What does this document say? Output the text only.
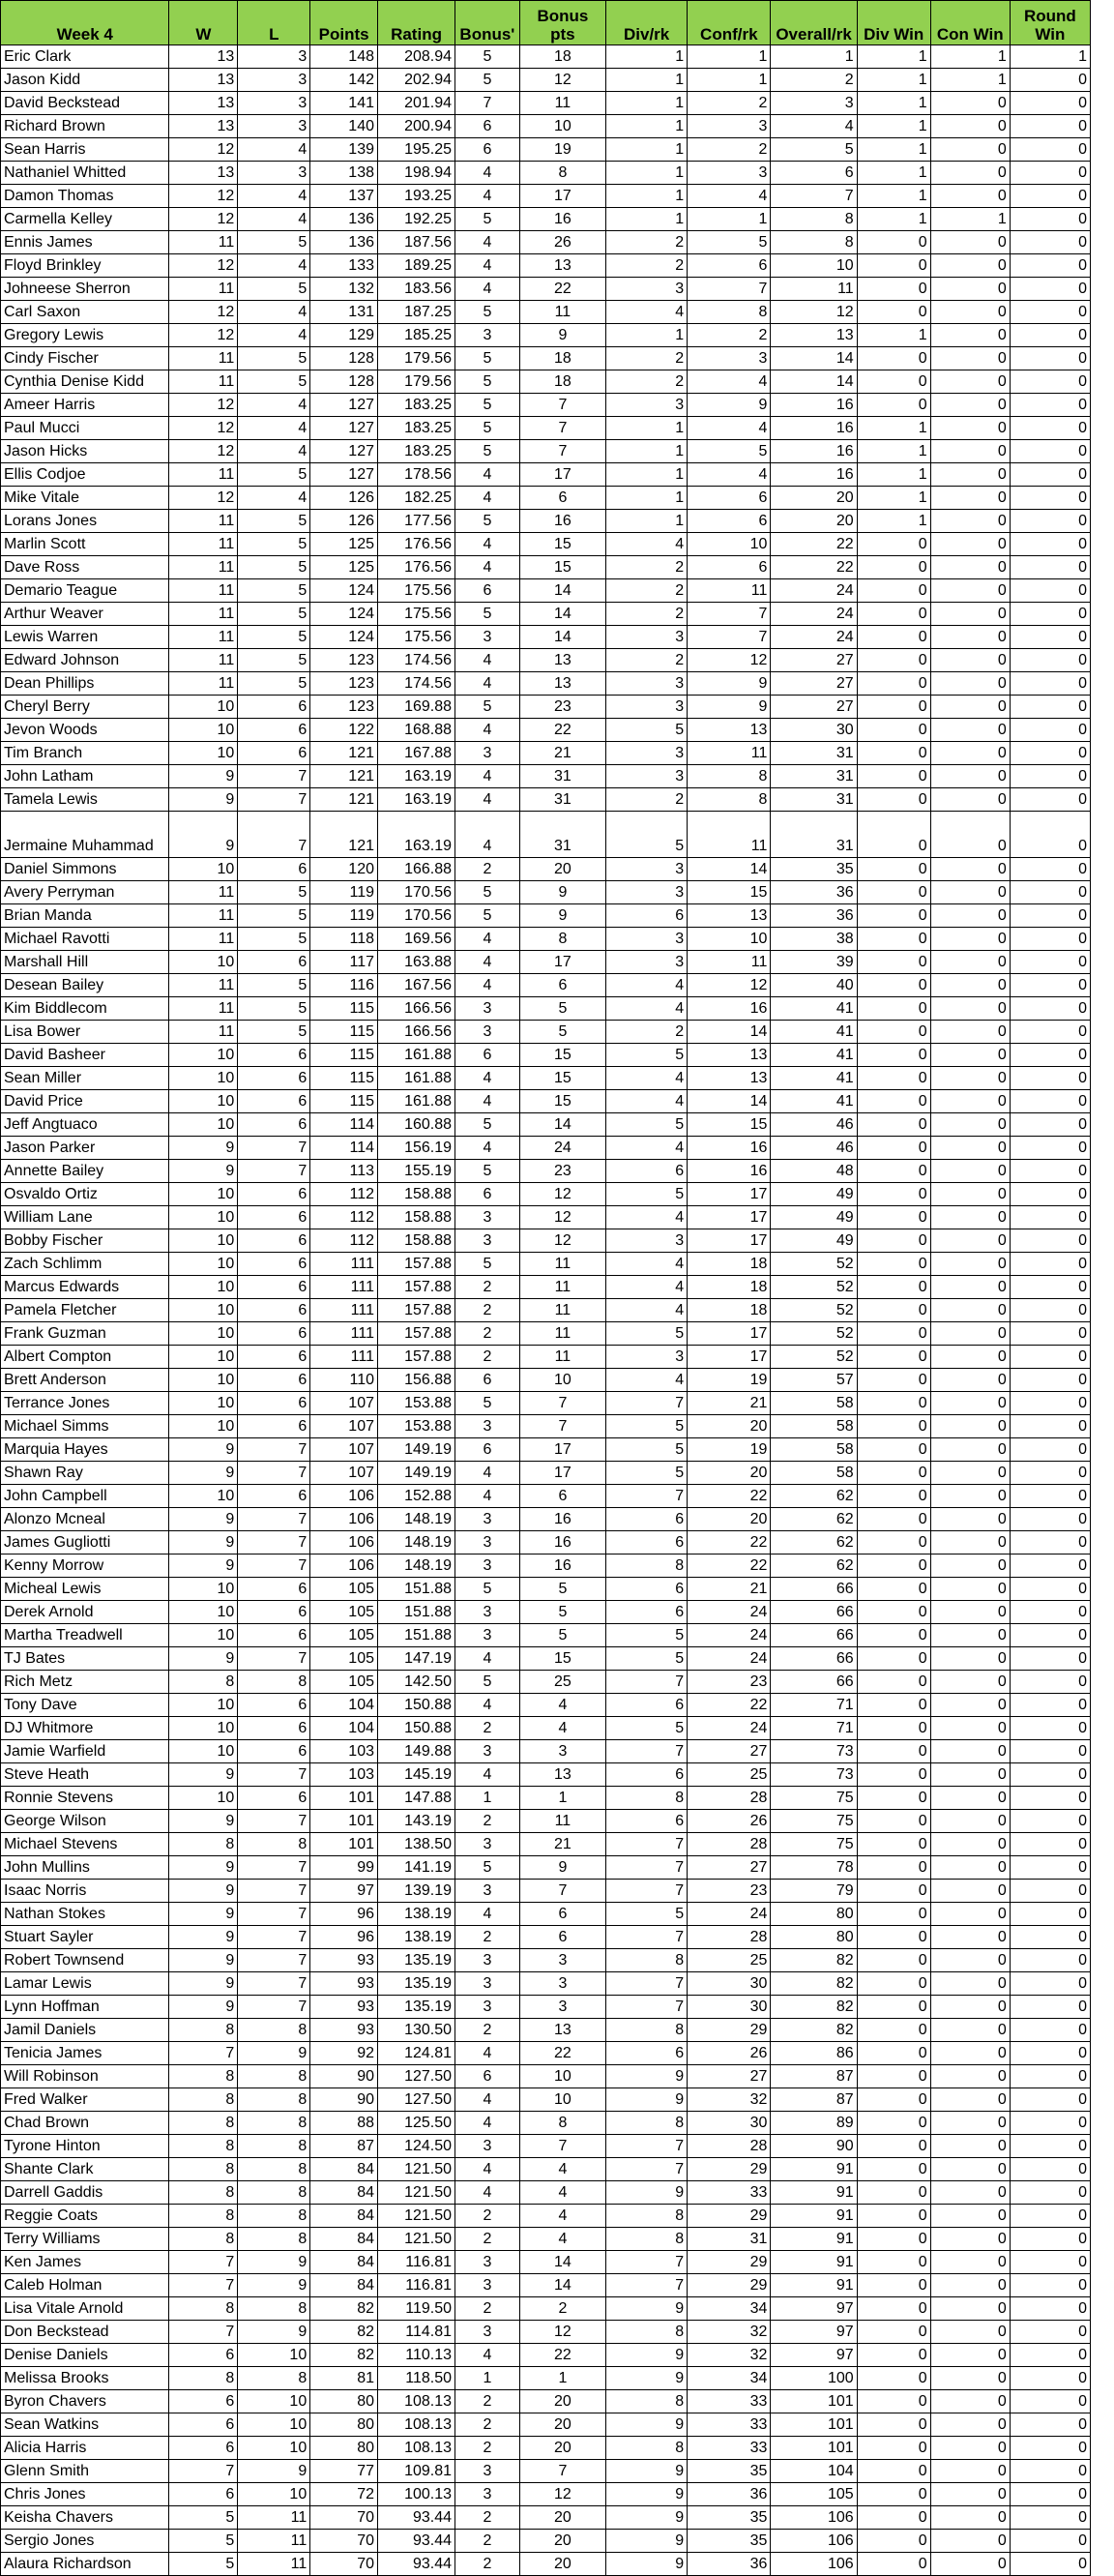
Week 4	W	L	Points	Rating	Bonus'	Bonus pts	Div/rk	Conf/rk	Overall/rk	Div Win	Con Win	Round Win
Eric Clark	13	3	148	208.94	5	18	1	1	1	1	1	1
Jason Kidd	13	3	142	202.94	5	12	1	1	2	1	1	0
David Beckstead	13	3	141	201.94	7	11	1	2	3	1	0	0
Richard Brown	13	3	140	200.94	6	10	1	3	4	1	0	0
Sean Harris	12	4	139	195.25	6	19	1	2	5	1	0	0
Nathaniel Whitted	13	3	138	198.94	4	8	1	3	6	1	0	0
Damon Thomas	12	4	137	193.25	4	17	1	4	7	1	0	0
Carmella Kelley	12	4	136	192.25	5	16	1	1	8	1	1	0
Ennis James	11	5	136	187.56	4	26	2	5	8	0	0	0
Floyd Brinkley	12	4	133	189.25	4	13	2	6	10	0	0	0
Johneese Sherron	11	5	132	183.56	4	22	3	7	11	0	0	0
Carl Saxon	12	4	131	187.25	5	11	4	8	12	0	0	0
Gregory Lewis	12	4	129	185.25	3	9	1	2	13	1	0	0
Cindy Fischer	11	5	128	179.56	5	18	2	3	14	0	0	0
Cynthia Denise Kidd	11	5	128	179.56	5	18	2	4	14	0	0	0
Ameer Harris	12	4	127	183.25	5	7	3	9	16	0	0	0
Paul Mucci	12	4	127	183.25	5	7	1	4	16	1	0	0
Jason Hicks	12	4	127	183.25	5	7	1	5	16	1	0	0
Ellis Codjoe	11	5	127	178.56	4	17	1	4	16	1	0	0
Mike Vitale	12	4	126	182.25	4	6	1	6	20	1	0	0
Lorans Jones	11	5	126	177.56	5	16	1	6	20	1	0	0
Marlin Scott	11	5	125	176.56	4	15	4	10	22	0	0	0
Dave Ross	11	5	125	176.56	4	15	2	6	22	0	0	0
Demario Teague	11	5	124	175.56	6	14	2	11	24	0	0	0
Arthur Weaver	11	5	124	175.56	5	14	2	7	24	0	0	0
Lewis Warren	11	5	124	175.56	3	14	3	7	24	0	0	0
Edward Johnson	11	5	123	174.56	4	13	2	12	27	0	0	0
Dean Phillips	11	5	123	174.56	4	13	3	9	27	0	0	0
Cheryl Berry	10	6	123	169.88	5	23	3	9	27	0	0	0
Jevon Woods	10	6	122	168.88	4	22	5	13	30	0	0	0
Tim Branch	10	6	121	167.88	3	21	3	11	31	0	0	0
John Latham	9	7	121	163.19	4	31	3	8	31	0	0	0
Tamela Lewis	9	7	121	163.19	4	31	2	8	31	0	0	0
Jermaine Muhammad	9	7	121	163.19	4	31	5	11	31	0	0	0
Daniel Simmons	10	6	120	166.88	2	20	3	14	35	0	0	0
Avery Perryman	11	5	119	170.56	5	9	3	15	36	0	0	0
Brian Manda	11	5	119	170.56	5	9	6	13	36	0	0	0
Michael Ravotti	11	5	118	169.56	4	8	3	10	38	0	0	0
Marshall Hill	10	6	117	163.88	4	17	3	11	39	0	0	0
Desean Bailey	11	5	116	167.56	4	6	4	12	40	0	0	0
Kim Biddlecom	11	5	115	166.56	3	5	4	16	41	0	0	0
Lisa Bower	11	5	115	166.56	3	5	2	14	41	0	0	0
David Basheer	10	6	115	161.88	6	15	5	13	41	0	0	0
Sean Miller	10	6	115	161.88	4	15	4	13	41	0	0	0
David Price	10	6	115	161.88	4	15	4	14	41	0	0	0
Jeff Angtuaco	10	6	114	160.88	5	14	5	15	46	0	0	0
Jason Parker	9	7	114	156.19	4	24	4	16	46	0	0	0
Annette Bailey	9	7	113	155.19	5	23	6	16	48	0	0	0
Osvaldo Ortiz	10	6	112	158.88	6	12	5	17	49	0	0	0
William Lane	10	6	112	158.88	3	12	4	17	49	0	0	0
Bobby Fischer	10	6	112	158.88	3	12	3	17	49	0	0	0
Zach Schlimm	10	6	111	157.88	5	11	4	18	52	0	0	0
Marcus Edwards	10	6	111	157.88	2	11	4	18	52	0	0	0
Pamela Fletcher	10	6	111	157.88	2	11	4	18	52	0	0	0
Frank Guzman	10	6	111	157.88	2	11	5	17	52	0	0	0
Albert Compton	10	6	111	157.88	2	11	3	17	52	0	0	0
Brett Anderson	10	6	110	156.88	6	10	4	19	57	0	0	0
Terrance Jones	10	6	107	153.88	5	7	7	21	58	0	0	0
Michael Simms	10	6	107	153.88	3	7	5	20	58	0	0	0
Marquia Hayes	9	7	107	149.19	6	17	5	19	58	0	0	0
Shawn Ray	9	7	107	149.19	4	17	5	20	58	0	0	0
John Campbell	10	6	106	152.88	4	6	7	22	62	0	0	0
Alonzo Mcneal	9	7	106	148.19	3	16	6	20	62	0	0	0
James Gugliotti	9	7	106	148.19	3	16	6	22	62	0	0	0
Kenny Morrow	9	7	106	148.19	3	16	8	22	62	0	0	0
Micheal Lewis	10	6	105	151.88	5	5	6	21	66	0	0	0
Derek Arnold	10	6	105	151.88	3	5	6	24	66	0	0	0
Martha Treadwell	10	6	105	151.88	3	5	5	24	66	0	0	0
TJ Bates	9	7	105	147.19	4	15	5	24	66	0	0	0
Rich Metz	8	8	105	142.50	5	25	7	23	66	0	0	0
Tony Dave	10	6	104	150.88	4	4	6	22	71	0	0	0
DJ Whitmore	10	6	104	150.88	2	4	5	24	71	0	0	0
Jamie Warfield	10	6	103	149.88	3	3	7	27	73	0	0	0
Steve Heath	9	7	103	145.19	4	13	6	25	73	0	0	0
Ronnie Stevens	10	6	101	147.88	1	1	8	28	75	0	0	0
George Wilson	9	7	101	143.19	2	11	6	26	75	0	0	0
Michael Stevens	8	8	101	138.50	3	21	7	28	75	0	0	0
John Mullins	9	7	99	141.19	5	9	7	27	78	0	0	0
Isaac Norris	9	7	97	139.19	3	7	7	23	79	0	0	0
Nathan Stokes	9	7	96	138.19	4	6	5	24	80	0	0	0
Stuart Sayler	9	7	96	138.19	2	6	7	28	80	0	0	0
Robert Townsend	9	7	93	135.19	3	3	8	25	82	0	0	0
Lamar Lewis	9	7	93	135.19	3	3	7	30	82	0	0	0
Lynn Hoffman	9	7	93	135.19	3	3	7	30	82	0	0	0
Jamil Daniels	8	8	93	130.50	2	13	8	29	82	0	0	0
Tenicia James	7	9	92	124.81	4	22	6	26	86	0	0	0
Will Robinson	8	8	90	127.50	6	10	9	27	87	0	0	0
Fred Walker	8	8	90	127.50	4	10	9	32	87	0	0	0
Chad Brown	8	8	88	125.50	4	8	8	30	89	0	0	0
Tyrone Hinton	8	8	87	124.50	3	7	7	28	90	0	0	0
Shante Clark	8	8	84	121.50	4	4	7	29	91	0	0	0
Darrell Gaddis	8	8	84	121.50	4	4	9	33	91	0	0	0
Reggie Coats	8	8	84	121.50	2	4	8	29	91	0	0	0
Terry Williams	8	8	84	121.50	2	4	8	31	91	0	0	0
Ken James	7	9	84	116.81	3	14	7	29	91	0	0	0
Caleb Holman	7	9	84	116.81	3	14	7	29	91	0	0	0
Lisa Vitale Arnold	8	8	82	119.50	2	2	9	34	97	0	0	0
Don Beckstead	7	9	82	114.81	3	12	8	32	97	0	0	0
Denise Daniels	6	10	82	110.13	4	22	9	32	97	0	0	0
Melissa Brooks	8	8	81	118.50	1	1	9	34	100	0	0	0
Byron Chavers	6	10	80	108.13	2	20	8	33	101	0	0	0
Sean Watkins	6	10	80	108.13	2	20	9	33	101	0	0	0
Alicia Harris	6	10	80	108.13	2	20	8	33	101	0	0	0
Glenn Smith	7	9	77	109.81	3	7	9	35	104	0	0	0
Chris Jones	6	10	72	100.13	3	12	9	36	105	0	0	0
Keisha Chavers	5	11	70	93.44	2	20	9	35	106	0	0	0
Sergio Jones	5	11	70	93.44	2	20	9	35	106	0	0	0
Alaura Richardson	5	11	70	93.44	2	20	9	36	106	0	0	0
